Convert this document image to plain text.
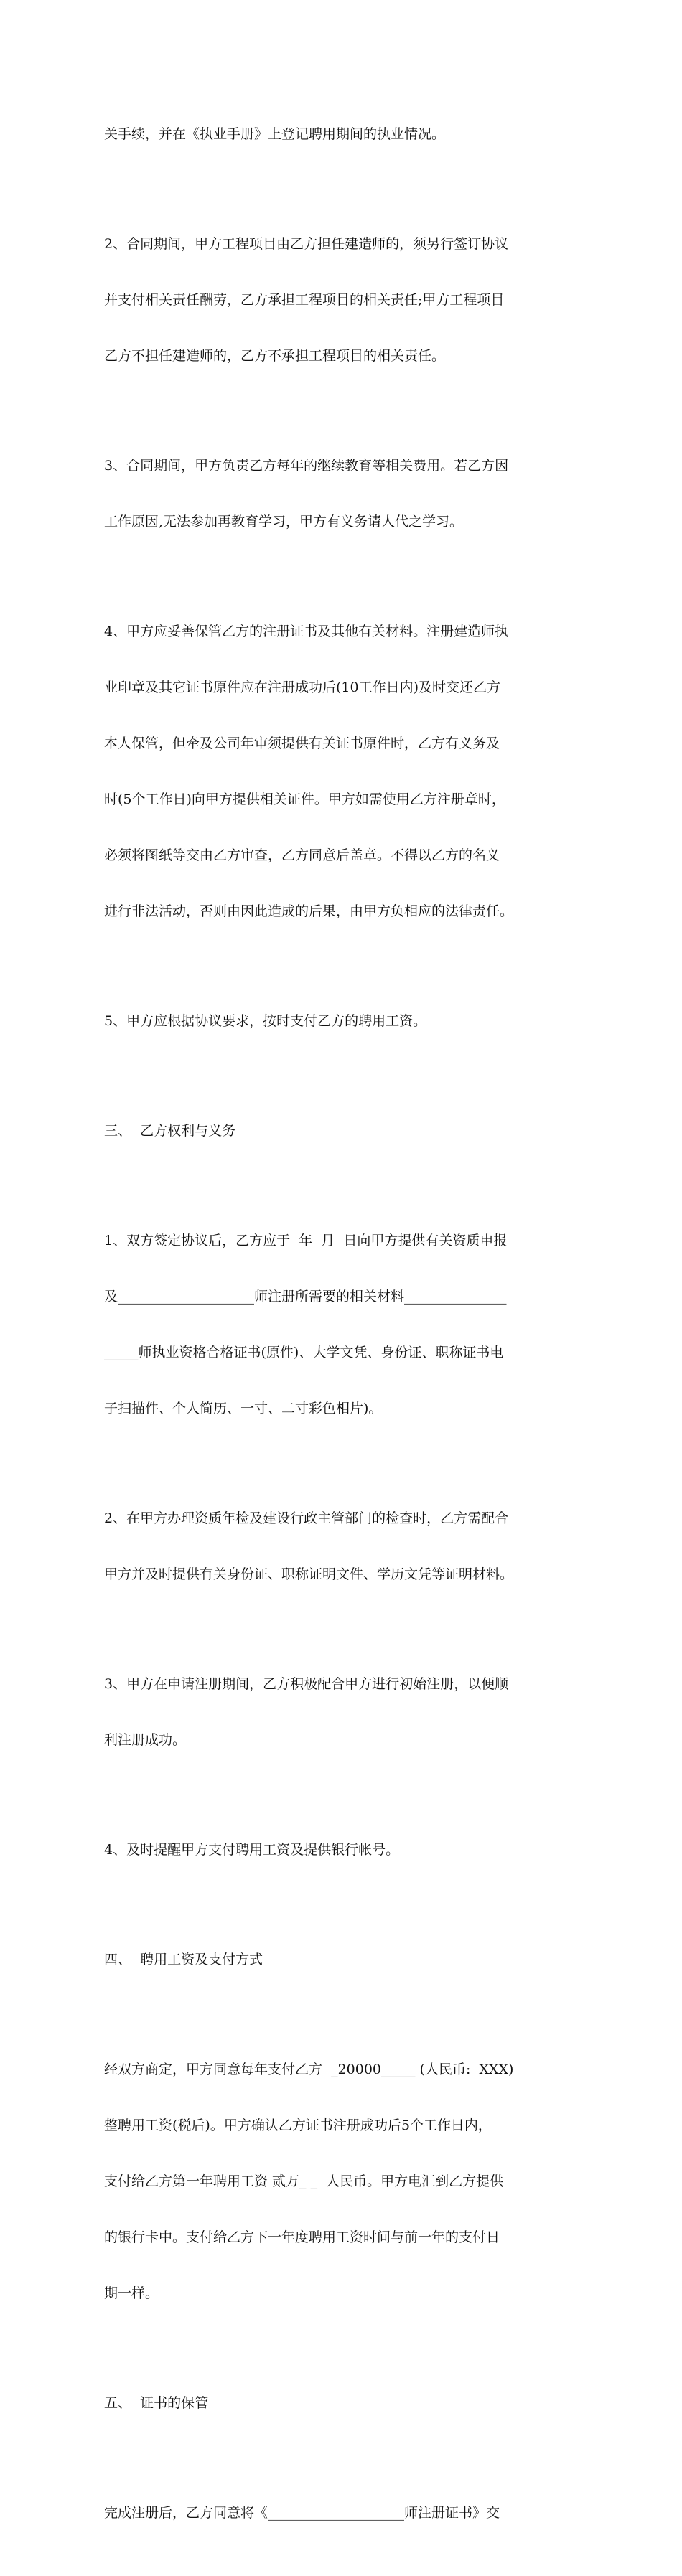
关手续，并在《执业手册》上登记聘用期间的执业情况。

2、合同期间，甲方工程项目由乙方担任建造师的，须另行签订协议

并支付相关责任酬劳，乙方承担工程项目的相关责任;甲方工程项目

乙方不担任建造师的，乙方不承担工程项目的相关责任。

3、合同期间，甲方负责乙方每年的继续教育等相关费用。若乙方因

工作原因,无法参加再教育学习，甲方有义务请人代之学习。

4、甲方应妥善保管乙方的注册证书及其他有关材料。注册建造师执

业印章及其它证书原件应在注册成功后(10工作日内)及时交还乙方

本人保管，但牵及公司年审须提供有关证书原件时，乙方有义务及

时(5个工作日)向甲方提供相关证件。甲方如需使用乙方注册章时，

必须将图纸等交由乙方审查，乙方同意后盖章。不得以乙方的名义

进行非法活动，否则由因此造成的后果，由甲方负相应的法律责任。

5、甲方应根据协议要求，按时支付乙方的聘用工资。

三、  乙方权利与义务

1、双方签定协议后，乙方应于  年  月  日向甲方提供有关资质申报

及____________________师注册所需要的相关材料_______________

_____师执业资格合格证书(原件)、大学文凭、身份证、职称证书电

子扫描件、个人简历、一寸、二寸彩色相片)。

2、在甲方办理资质年检及建设行政主管部门的检查时，乙方需配合

甲方并及时提供有关身份证、职称证明文件、学历文凭等证明材料。

3、甲方在申请注册期间，乙方积极配合甲方进行初始注册，以便顺

利注册成功。

4、及时提醒甲方支付聘用工资及提供银行帐号。

四、  聘用工资及支付方式

经双方商定，甲方同意每年支付乙方  _20000_____ (人民币:  XXX)

整聘用工资(税后)。甲方确认乙方证书注册成功后5个工作日内，

支付给乙方第一年聘用工资 贰万_ _  人民币。甲方电汇到乙方提供

的银行卡中。支付给乙方下一年度聘用工资时间与前一年的支付日

期一样。

五、  证书的保管

完成注册后，乙方同意将《____________________师注册证书》交
